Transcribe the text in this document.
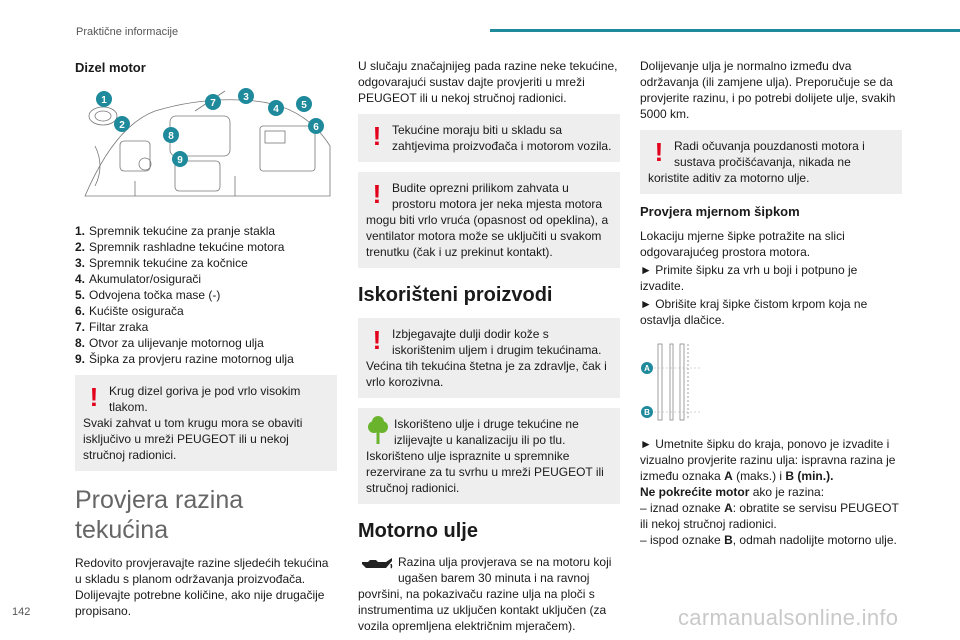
Praktične informacije
Dizel motor
1
2
3
4 5
6
7
8
9
1. Spremnik tekućine za pranje stakla
2. Spremnik rashladne tekućine motora
3. Spremnik tekućine za kočnice
4. Akumulator/osigurači
5. Odvojena točka mase (-)
6. Kućište osigurača
7. Filtar zraka
8. Otvor za ulijevanje motornog ulja
9. Šipka za provjeru razine motornog ulja
! Krug dizel goriva je pod vrlo visokim tlakom.
Svaki zahvat u tom krugu mora se obaviti isključivo u mreži PEUGEOT ili u nekoj stručnoj radionici.
Provjera razina tekućina

Redovito provjeravajte razine sljedećih tekućina u skladu s planom održavanja proizvođača. Dolijevajte potrebne količine, ako nije drugačije propisano.

U slučaju značajnijeg pada razine neke tekućine, odgovarajući sustav dajte provjeriti u mreži PEUGEOT ili u nekoj stručnoj radionici.

! Tekućine moraju biti u skladu sa zahtjevima proizvođača i motorom vozila.
! Budite oprezni prilikom zahvata u prostoru motora jer neka mjesta motora mogu biti vrlo vruća (opasnost od opeklina), a ventilator motora može se uključiti u svakom trenutku (čak i uz prekinut kontakt).
Iskorišteni proizvodi
! Izbjegavajte dulji dodir kože s iskorištenim uljem i drugim tekućinama. Većina tih tekućina štetna je za zdravlje, čak i vrlo korozivna.
Iskorišteno ulje i druge tekućine ne izlijevajte u kanalizaciju ili po tlu. Iskorišteno ulje ispraznite u spremnike rezervirane za tu svrhu u mreži PEUGEOT ili stručnoj radionici.
Motorno ulje

Razina ulja provjerava se na motoru koji ugašen barem 30 minuta i na ravnoj površini, na pokazivaču razine ulja na ploči s instrumentima uz uključen kontakt uključen (za vozila opremljena električnim mjeračem).

Dolijevanje ulja je normalno između dva održavanja (ili zamjene ulja). Preporučuje se da provjerite razinu, i po potrebi dolijete ulje, svakih 5000 km.

! Radi očuvanja pouzdanosti motora i sustava pročišćavanja, nikada ne koristite aditiv za motorno ulje.
Provjera mjernom šipkom

Lokaciju mjerne šipke potražite na slici odgovarajućeg prostora motora.

► Primite šipku za vrh u boji i potpuno je izvadite.

► Obrišite kraj šipke čistom krpom koja ne ostavlja dlačice.

A
B

► Umetnite šipku do kraja, ponovo je izvadite i vizualno provjerite razinu ulja: ispravna razina je između oznaka A (maks.) i B (min.).

Ne pokrećite motor ako je razina:

– iznad oznake A: obratite se servisu PEUGEOT ili nekoj stručnoj radionici.

– ispod oznake B, odmah nadolijte motorno ulje.

142	carmanualsonline.info
